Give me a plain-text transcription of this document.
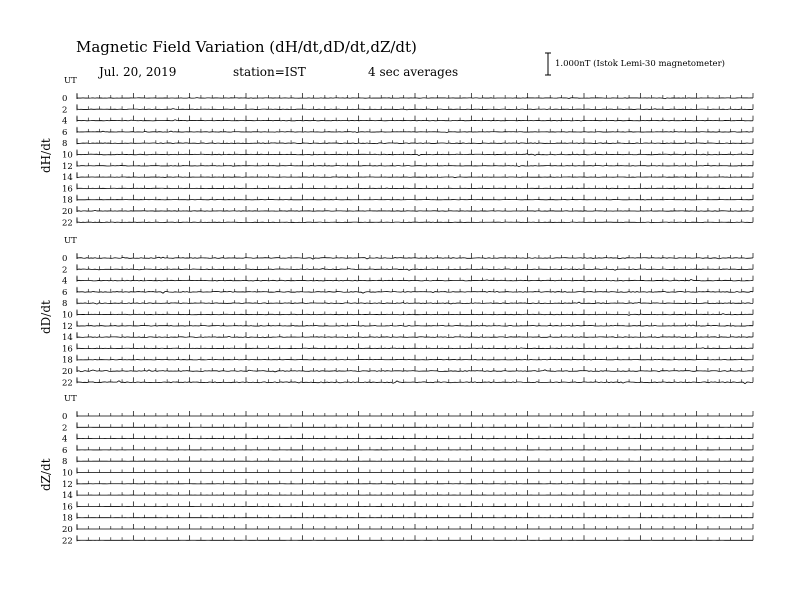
Magnetic Field Variation (dH/dt,dD/dt,dZ/dt)
Jul. 20, 2019	station=IST	4 sec averages
1.000nT (Istok Lemi-30 magnetometer)
UT
dH/dt
0
2
4
6
8
10
12
14
16
18
20
22
UT
dD/dt
0
2
4
6
8
10
12
14
16
18
20
22
UT
dZ/dt
0
2
4
6
8
10
12
14
16
18
20
22
